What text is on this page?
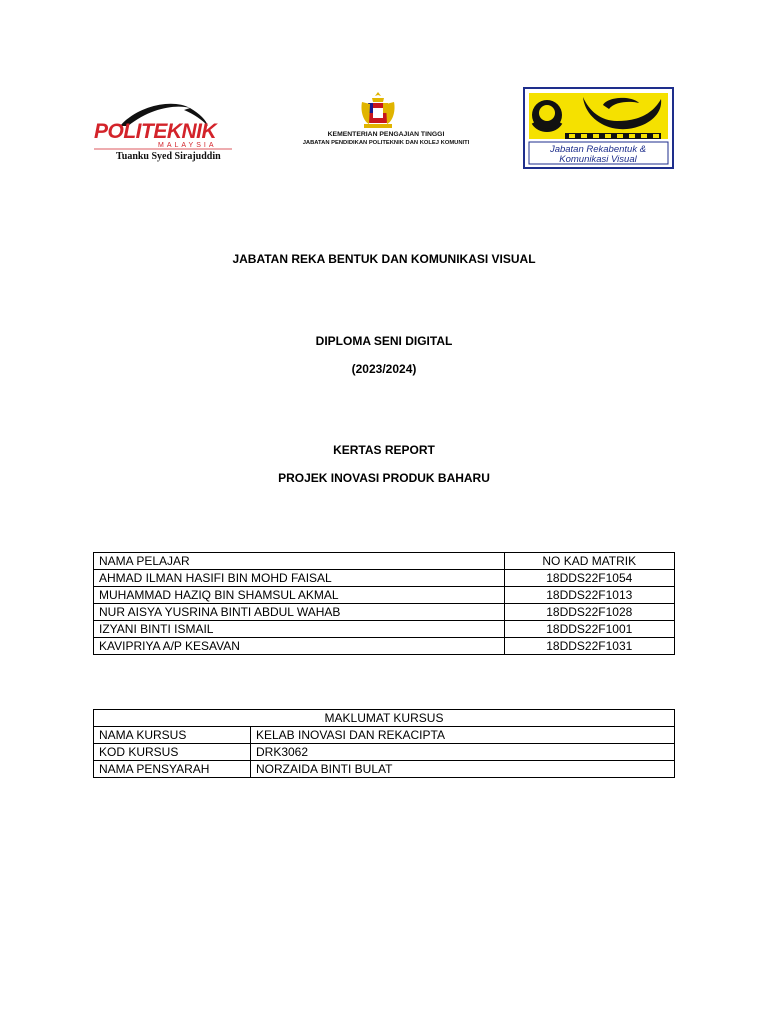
POLITEKNIK
MALAYSIA
Tuanku Syed Sirajuddin
KEMENTERIAN PENGAJIAN TINGGI
JABATAN PENDIDIKAN POLITEKNIK DAN KOLEJ KOMUNITI
Jabatan Rekabentuk &
Komunikasi Visual
JABATAN REKA BENTUK DAN KOMUNIKASI VISUAL
DIPLOMA SENI DIGITAL
(2023/2024)
KERTAS REPORT
PROJEK INOVASI PRODUK BAHARU
NAMA PELAJAR	NO KAD MATRIK
AHMAD ILMAN HASIFI BIN MOHD FAISAL	18DDS22F1054
MUHAMMAD HAZIQ BIN SHAMSUL AKMAL	18DDS22F1013
NUR AISYA YUSRINA BINTI ABDUL WAHAB	18DDS22F1028
IZYANI BINTI ISMAIL	18DDS22F1001
KAVIPRIYA A/P KESAVAN	18DDS22F1031
MAKLUMAT KURSUS	
NAMA KURSUS	KELAB INOVASI DAN REKACIPTA
KOD KURSUS	DRK3062
NAMA PENSYARAH	NORZAIDA BINTI BULAT
